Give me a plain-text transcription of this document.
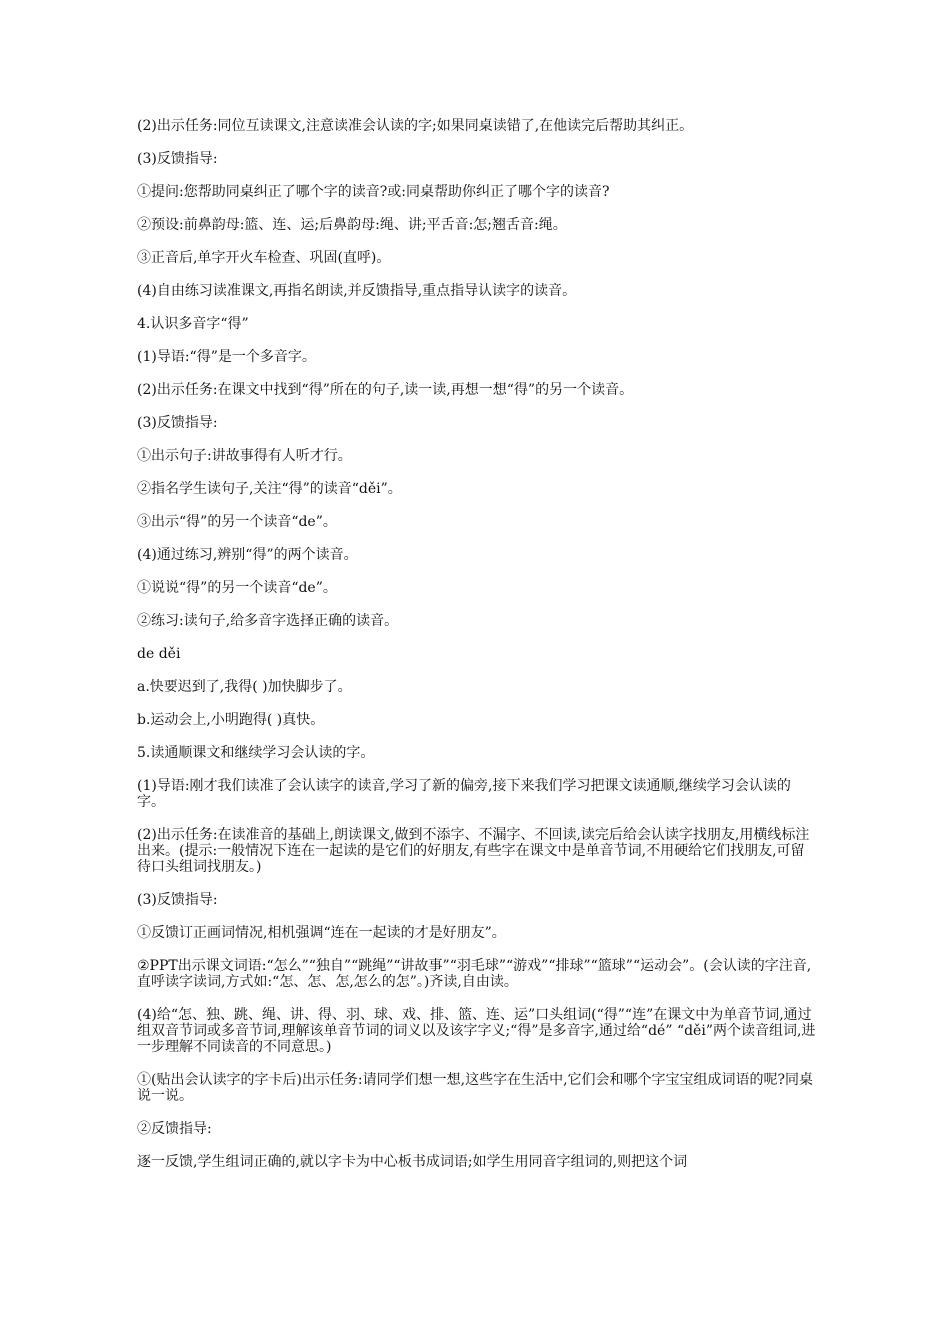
(2)出示任务:同位互读课文,注意读准会认读的字;如果同桌读错了,在他读完后帮助其纠正。

(3)反馈指导:

①提问:您帮助同桌纠正了哪个字的读音?或:同桌帮助你纠正了哪个字的读音?

②预设:前鼻韵母:篮、连、运;后鼻韵母:绳、讲;平舌音:怎;翘舌音:绳。

③正音后,单字开火车检查、巩固(直呼)。

(4)自由练习读准课文,再指名朗读,并反馈指导,重点指导认读字的读音。

4.认识多音字“得”

(1)导语:“得”是一个多音字。

(2)出示任务:在课文中找到“得”所在的句子,读一读,再想一想“得”的另一个读音。

(3)反馈指导:

①出示句子:讲故事得有人听才行。

②指名学生读句子,关注“得”的读音“děi”。

③出示“得”的另一个读音“de”。

(4)通过练习,辨别“得”的两个读音。

①说说“得”的另一个读音“de”。

②练习:读句子,给多音字选择正确的读音。

de děi

a.快要迟到了,我得( )加快脚步了。

b.运动会上,小明跑得( )真快。

5.读通顺课文和继续学习会认读的字。

(1)导语:刚才我们读准了会认读字的读音,学习了新的偏旁,接下来我们学习把课文读通顺,继续学习会认读的字。

(2)出示任务:在读准音的基础上,朗读课文,做到不添字、不漏字、不回读,读完后给会认读字找朋友,用横线标注出来。(提示:一般情况下连在一起读的是它们的好朋友,有些字在课文中是单音节词,不用硬给它们找朋友,可留待口头组词找朋友。)

(3)反馈指导:

①反馈订正画词情况,相机强调“连在一起读的才是好朋友”。

②PPT出示课文词语:“怎么”“独自”“跳绳”“讲故事”“羽毛球”“游戏”“排球”“篮球”“运动会”。(会认读的字注音,直呼读字读词,方式如:“怎、怎、怎,怎么的怎”。)齐读,自由读。

(4)给“怎、独、跳、绳、讲、得、羽、球、戏、排、篮、连、运”口头组词(“得”“连”在课文中为单音节词,通过组双音节词或多音节词,理解该单音节词的词义以及该字字义;“得”是多音字,通过给“dé” “děi”两个读音组词,进一步理解不同读音的不同意思。)

①(贴出会认读字的字卡后)出示任务:请同学们想一想,这些字在生活中,它们会和哪个字宝宝组成词语的呢?同桌说一说。

②反馈指导:

逐一反馈,学生组词正确的,就以字卡为中心板书成词语;如学生用同音字组词的,则把这个词
